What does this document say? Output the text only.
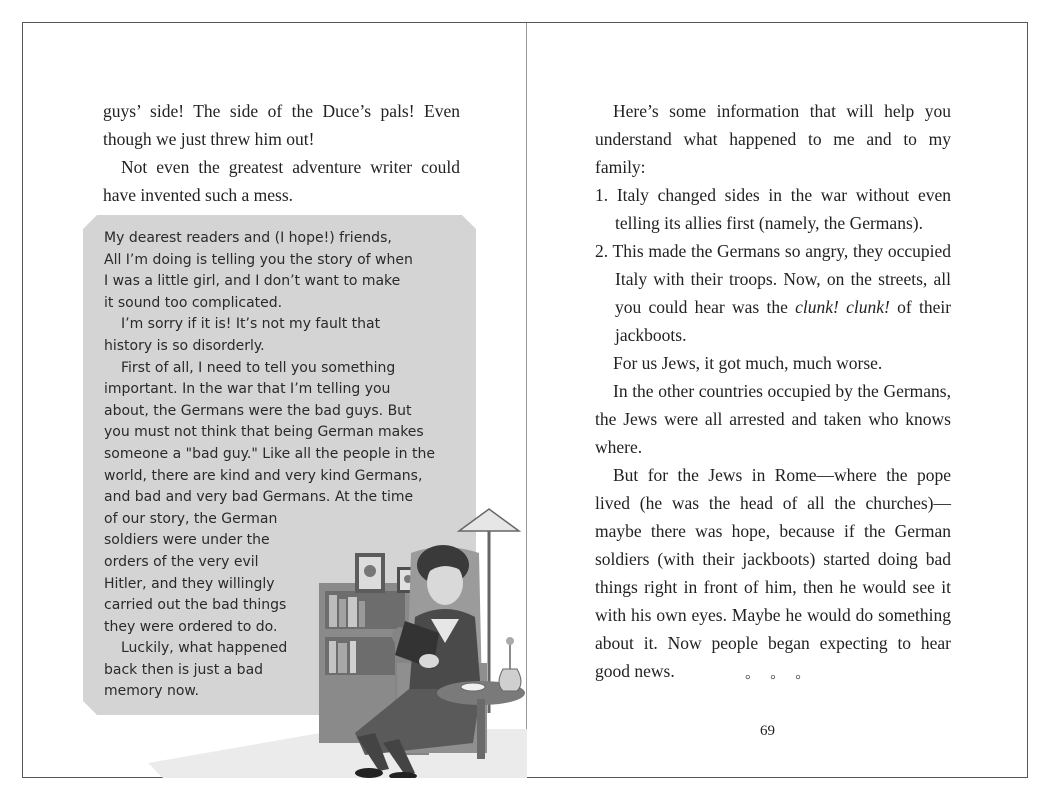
guys’ side! The side of the Duce’s pals! Even though we just threw him out!

Not even the greatest adventure writer could have invented such a mess.

My dearest readers and (I hope!) friends,
All I’m doing is telling you the story of when
I was a little girl, and I don’t want to make
it sound too complicated.
I’m sorry if it is! It’s not my fault that
history is so disorderly.
First of all, I need to tell you something
important. In the war that I’m telling you
about, the Germans were the bad guys. But
you must not think that being German makes
someone a "bad guy." Like all the people in the
world, there are kind and very kind Germans,
and bad and very bad Germans. At the time
of our story, the German
soldiers were under the
orders of the very evil
Hitler, and they willingly
carried out the bad things
they were ordered to do.
Luckily, what happened
back then is just a bad
memory now.

Here’s some information that will help you understand what happened to me and to my family:

1. Italy changed sides in the war without even telling its allies first (namely, the Germans).

2. This made the Germans so angry, they occupied Italy with their troops. Now, on the streets, all you could hear was the clunk! clunk! of their jackboots.

For us Jews, it got much, much worse.

In the other countries occupied by the Germans, the Jews were all arrested and taken who knows where.

But for the Jews in Rome—where the pope lived (he was the head of all the churches)—maybe there was hope, because if the German soldiers (with their jackboots) started doing bad things right in front of him, then he would see it with his own eyes. Maybe he would do something about it. Now people began expecting to hear good news.	° ° °
69
